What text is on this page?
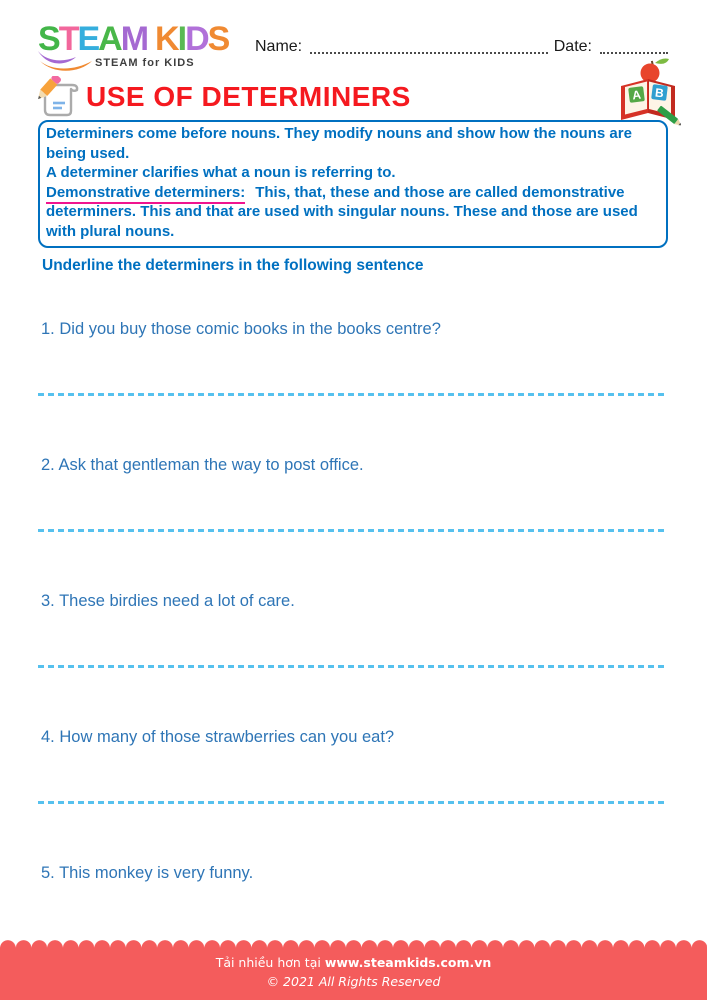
STEAM KIDS
STEAM for KIDS
Name:	Date:
A B
USE OF DETERMINERS

Determiners come before nouns. They modify nouns and show how the nouns are being used.

A determiner clarifies what a noun is referring to.

Demonstrative determiners: This, that, these and those are called demonstrative determiners. This and that are used with singular nouns. These and those are used with plural nouns.

Underline the determiners in the following sentence
1. Did you buy those comic books in the books centre?
2. Ask that gentleman the way to post office.
3. These birdies need a lot of care.
4. How many of those strawberries can you eat?
5. This monkey is very funny.
Tải nhiều hơn tại www.steamkids.com.vn
© 2021 All Rights Reserved
